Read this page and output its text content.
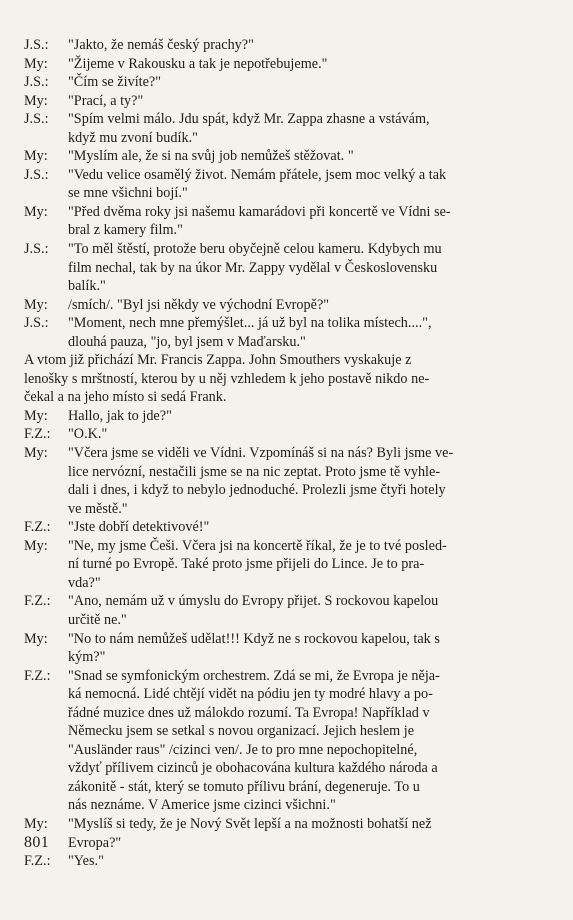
J.S.:	"Jakto, že nemáš český prachy?"
My:	"Žijeme v Rakousku a tak je nepotřebujeme."
J.S.:	"Čím se živíte?"
My:	"Prací, a ty?"
J.S.:	"Spím velmi málo. Jdu spát, když Mr. Zappa zhasne a vstávám,
když mu zvoní budík."
My:	"Myslím ale, že si na svůj job nemůžeš stěžovat. "
J.S.:	"Vedu velice osamělý život. Nemám přátele, jsem moc velký a tak
se mne všichni bojí."
My:	"Před dvěma roky jsi našemu kamarádovi při koncertě ve Vídni se-
bral z kamery film."
J.S.:	"To měl štěstí, protože beru obyčejně celou kameru. Kdybych mu
film nechal, tak by na úkor Mr. Zappy vydělal v Československu
balík."
My:	/smích/. "Byl jsi někdy ve východní Evropě?"
J.S.:	"Moment, nech mne přemýšlet... já už byl na tolika místech....",
dlouhá pauza, "jo, byl jsem v Maďarsku."
A vtom již přichází Mr. Francis Zappa. John Smouthers vyskakuje z
lenošky s mrštností, kterou by u něj vzhledem k jeho postavě nikdo ne-
čekal a na jeho místo si sedá Frank.
My:	Hallo, jak to jde?"
F.Z.:	"O.K."
My:	"Včera jsme se viděli ve Vídni. Vzpomínáš si na nás? Byli jsme ve-
lice nervózní, nestačili jsme se na nic zeptat. Proto jsme tě vyhle-
dali i dnes, i když to nebylo jednoduché. Prolezli jsme čtyři hotely
ve městě."
F.Z.:	"Jste dobří detektivové!"
My:	"Ne, my jsme Češi. Včera jsi na koncertě říkal, že je to tvé posled-
ní turné po Evropě. Také proto jsme přijeli do Lince. Je to pra-
vda?"
F.Z.:	"Ano, nemám už v úmyslu do Evropy přijet. S rockovou kapelou
určitě ne."
My:	"No to nám nemůžeš udělat!!! Když ne s rockovou kapelou, tak s
kým?"
F.Z.:	"Snad se symfonickým orchestrem. Zdá se mi, že Evropa je něja-
ká nemocná. Lidé chtějí vidět na pódiu jen ty modré hlavy a po-
řádné muzice dnes už málokdo rozumí. Ta Evropa! Například v
Německu jsem se setkal s novou organizací. Jejich heslem je
"Ausländer raus" /cizinci ven/. Je to pro mne nepochopitelné,
vždyť přílivem cizinců je obohacována kultura každého národa a
zákonitě - stát, který se tomuto přílivu brání, degeneruje. To u
nás neznáme. V Americe jsme cizinci všichni."
My:	"Myslíš si tedy, že je Nový Svět lepší a na možnosti bohatší než
Evropa?"
F.Z.:	"Yes."
801
